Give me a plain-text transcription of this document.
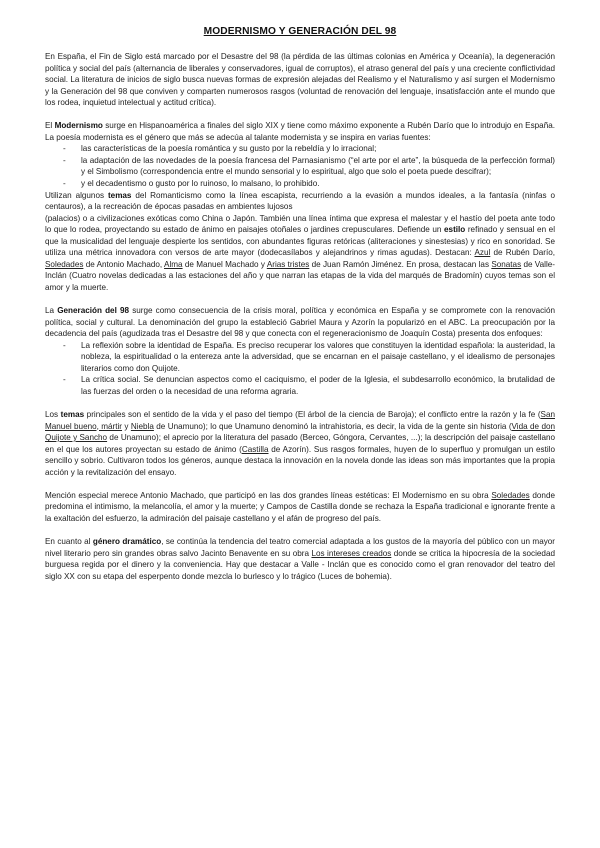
MODERNISMO Y GENERACIÓN DEL 98

En España, el Fin de Siglo está marcado por el Desastre del 98 (la pérdida de las últimas colonias en América y Oceanía), la degeneración política y social del país (alternancia de liberales y conservadores, igual de corruptos), el atraso general del país y una creciente conflictividad social. La literatura de inicios de siglo busca nuevas formas de expresión alejadas del Realismo y el Naturalismo y así surgen el Modernismo y la Generación del 98 que conviven y comparten numerosos rasgos (voluntad de renovación del lenguaje, insatisfacción ante el mundo que los rodea, inquietud intelectual y actitud crítica).

El Modernismo surge en Hispanoamérica a finales del siglo XIX y tiene como máximo exponente a Rubén Darío que lo introdujo en España. La poesía modernista es el género que más se adecúa al talante modernista y se inspira en varias fuentes:

- las características de la poesía romántica y su gusto por la rebeldía y lo irracional;
- la adaptación de las novedades de la poesía francesa del Parnasianismo (“el arte por el arte”, la búsqueda de la perfección formal) y el Simbolismo (correspondencia entre el mundo sensorial y lo espiritual, algo que solo el poeta puede descifrar);
- y el decadentismo o gusto por lo ruinoso, lo malsano, lo prohibido.

Utilizan algunos temas del Romanticismo como la línea escapista, recurriendo a la evasión a mundos ideales, a la fantasía (ninfas o centauros), a la recreación de épocas pasadas en ambientes lujosos
(palacios) o a civilizaciones exóticas como China o Japón. También una línea íntima que expresa el malestar y el hastío del poeta ante todo lo que lo rodea, proyectando su estado de ánimo en paisajes otoñales o jardines crepusculares. Defiende un estilo refinado y sensual en el que la musicalidad del lenguaje despierte los sentidos, con abundantes figuras retóricas (aliteraciones y sinestesias) y rico en sonoridad. Se utiliza una métrica innovadora con versos de arte mayor (dodecasílabos y alejandrinos y rimas agudas). Destacan: Azul de Rubén Darío, Soledades de Antonio Machado, Alma de Manuel Machado y Arias tristes de Juan Ramón Jiménez. En prosa, destacan las Sonatas de Valle-Inclán (Cuatro novelas dedicadas a las estaciones del año y que narran las etapas de la vida del marqués de Bradomín) cuyos temas son el amor y la muerte.

La Generación del 98 surge como consecuencia de la crisis moral, política y económica en España y se compromete con la renovación política, social y cultural. La denominación del grupo la estableció Gabriel Maura y Azorín la popularizó en el ABC. La preocupación por la decadencia del país (agudizada tras el Desastre del 98 y que conecta con el regeneracionismo de Joaquín Costa) presenta dos enfoques:

- La reflexión sobre la identidad de España. Es preciso recuperar los valores que constituyen la identidad española: la austeridad, la nobleza, la espiritualidad o la entereza ante la adversidad, que se encarnan en el paisaje castellano, y el idealismo de personajes literarios como don Quijote.
- La crítica social. Se denuncian aspectos como el caciquismo, el poder de la Iglesia, el subdesarrollo económico, la brutalidad de las fuerzas del orden o la necesidad de una reforma agraria.

Los temas principales son el sentido de la vida y el paso del tiempo (El árbol de la ciencia de Baroja); el conflicto entre la razón y la fe (San Manuel bueno, mártir y Niebla de Unamuno); lo que Unamuno denominó la intrahistoria, es decir, la vida de la gente sin historia (Vida de don Quijote y Sancho de Unamuno); el aprecio por la literatura del pasado (Berceo, Góngora, Cervantes, ...); la descripción del paisaje castellano en el que los autores proyectan su estado de ánimo (Castilla de Azorín). Sus rasgos formales, huyen de lo superfluo y promulgan un estilo sencillo y sobrio. Cultivaron todos los géneros, aunque destaca la innovación en la novela donde las ideas son más importantes que la propia acción y la revitalización del ensayo.

Mención especial merece Antonio Machado, que participó en las dos grandes líneas estéticas: El Modernismo en su obra Soledades donde predomina el intimismo, la melancolía, el amor y la muerte; y Campos de Castilla donde se rechaza la España tradicional e ignorante frente a la exaltación del esfuerzo, la admiración del paisaje castellano y el afán de progreso del país.

En cuanto al género dramático, se continúa la tendencia del teatro comercial adaptada a los gustos de la mayoría del público con un mayor nivel literario pero sin grandes obras salvo Jacinto Benavente en su obra Los intereses creados donde se critica la hipocresía de la sociedad burguesa regida por el dinero y la conveniencia. Hay que destacar a Valle - Inclán que es conocido como el gran renovador del teatro del siglo XX con su etapa del esperpento donde mezcla lo burlesco y lo trágico (Luces de bohemia).
